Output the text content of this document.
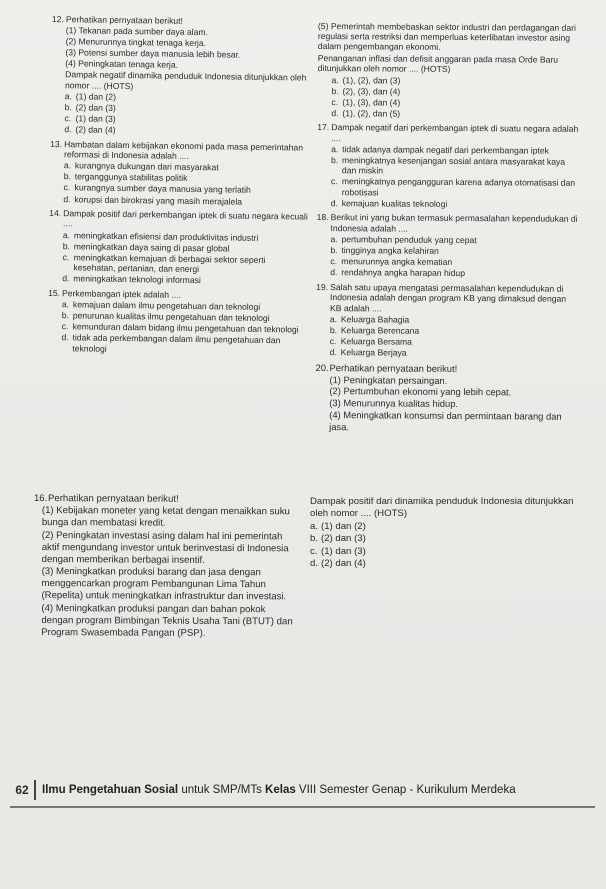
12. Perhatikan pernyataan berikut!
(1) Tekanan pada sumber daya alam.
(2) Menurunnya tingkat tenaga kerja.
(3) Potensi sumber daya manusia lebih besar.
(4) Peningkatan tenaga kerja.
Dampak negatif dinamika penduduk Indonesia ditunjukkan oleh nomor .... (HOTS)
a. (1) dan (2)
b. (2) dan (3)
c. (1) dan (3)
d. (2) dan (4)
13. Hambatan dalam kebijakan ekonomi pada masa pemerintahan reformasi di Indonesia adalah ....
a. kurangnya dukungan dari masyarakat
b. terganggunya stabilitas politik
c. kurangnya sumber daya manusia yang terlatih
d. korupsi dan birokrasi yang masih merajalela
14. Dampak positif dari perkembangan iptek di suatu negara kecuali ....
a. meningkatkan efisiensi dan produktivitas industri
b. meningkatkan daya saing di pasar global
c. meningkatkan kemajuan di berbagai sektor seperti kesehatan, pertanian, dan energi
d. meningkatkan teknologi informasi
15. Perkembangan iptek adalah ....
a. kemajuan dalam ilmu pengetahuan dan teknologi
b. penurunan kualitas ilmu pengetahuan dan teknologi
c. kemunduran dalam bidang ilmu pengetahuan dan teknologi
d. tidak ada perkembangan dalam ilmu pengetahuan dan teknologi
(5) Pemerintah membebaskan sektor industri dan perdagangan dari regulasi serta restriksi dan memperluas keterlibatan investor asing dalam pengembangan ekonomi.
Penanganan inflasi dan defisit anggaran pada masa Orde Baru ditunjukkan oleh nomor .... (HOTS)
a. (1), (2), dan (3)
b. (2), (3), dan (4)
c. (1), (3), dan (4)
d. (1), (2), dan (5)
17. Dampak negatif dari perkembangan iptek di suatu negara adalah ....
a. tidak adanya dampak negatif dari perkembangan iptek
b. meningkatnya kesenjangan sosial antara masyarakat kaya dan miskin
c. meningkatnya pengangguran karena adanya otomatisasi dan robotisasi
d. kemajuan kualitas teknologi
18. Berikut ini yang bukan termasuk permasalahan kependudukan di Indonesia adalah ....
a. pertumbuhan penduduk yang cepat
b. tingginya angka kelahiran
c. menurunnya angka kematian
d. rendahnya angka harapan hidup
19. Salah satu upaya mengatasi permasalahan kependudukan di Indonesia adalah dengan program KB yang dimaksud dengan KB adalah ....
a. Keluarga Bahagia
b. Keluarga Berencana
c. Keluarga Bersama
d. Keluarga Berjaya
20. Perhatikan pernyataan berikut!
(1) Peningkatan persaingan.
(2) Pertumbuhan ekonomi yang lebih cepat.
(3) Menurunnya kualitas hidup.
(4) Meningkatkan konsumsi dan permintaan barang dan jasa.
16. Perhatikan pernyataan berikut!
(1) Kebijakan moneter yang ketat dengan menaikkan suku bunga dan membatasi kredit.
(2) Peningkatan investasi asing dalam hal ini pemerintah aktif mengundang investor untuk berinvestasi di Indonesia dengan memberikan berbagai insentif.
(3) Meningkatkan produksi barang dan jasa dengan menggencarkan program Pembangunan Lima Tahun (Repelita) untuk meningkatkan infrastruktur dan investasi.
(4) Meningkatkan produksi pangan dan bahan pokok dengan program Bimbingan Teknis Usaha Tani (BTUT) dan Program Swasembada Pangan (PSP).
Dampak positif dari dinamika penduduk Indonesia ditunjukkan oleh nomor .... (HOTS)
a. (1) dan (2)
b. (2) dan (3)
c. (1) dan (3)
d. (2) dan (4)
62	Ilmu Pengetahuan Sosial untuk SMP/MTs Kelas VIII Semester Genap - Kurikulum Merdeka
